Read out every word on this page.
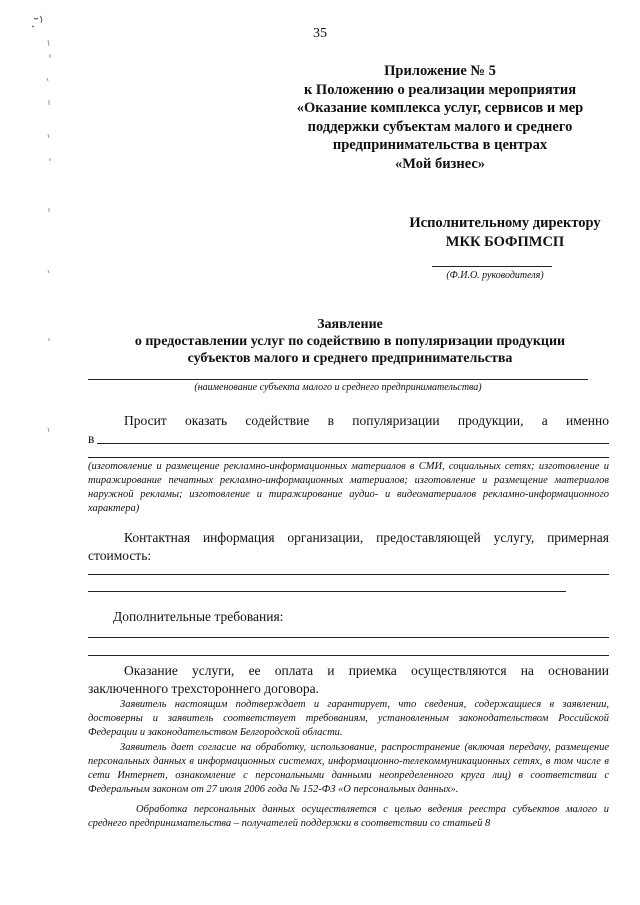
35
Приложение № 5
к Положению о реализации мероприятия
«Оказание комплекса услуг, сервисов и мер
поддержки субъектам малого и среднего
предпринимательства в центрах
«Мой бизнес»
Исполнительному директору
МКК БОФПМСП
(Ф.И.О. руководителя)
Заявление
о предоставлении услуг по содействию в популяризации продукции
субъектов малого и среднего предпринимательства
(наименование субъекта малого и среднего предпринимательства)
Просит оказать содействие в популяризации продукции, а именно
в
(изготовление и размещение рекламно-информационных материалов в СМИ, социальных сетях; изготовление и тиражирование печатных рекламно-информационных материалов; изготовление и размещение материалов наружной рекламы; изготовление и тиражирование аудио- и видеоматериалов рекламно-информационного характера)
Контактная информация организации, предоставляющей услугу, примерная
стоимость:
Дополнительные требования:
Оказание услуги, ее оплата и приемка осуществляются на основании
заключенного трехстороннего договора.
Заявитель настоящим подтверждает и гарантирует, что сведения, содержащиеся в заявлении, достоверны и заявитель соответствует требованиям, установленным законодательством Российской Федерации и законодательством Белгородской области.
Заявитель дает согласие на обработку, использование, распространение (включая передачу, размещение персональных данных в информационных системах, информационно-телекоммуникационных сетях, в том числе в сети Интернет, ознакомление с персональными данными неопределенного круга лиц) в соответствии с Федеральным законом от 27 июля 2006 года № 152-ФЗ «О персональных данных».
Обработка персональных данных осуществляется с целью ведения реестра субъектов малого и среднего предпринимательства – получателей поддержки в соответствии со статьей 8
